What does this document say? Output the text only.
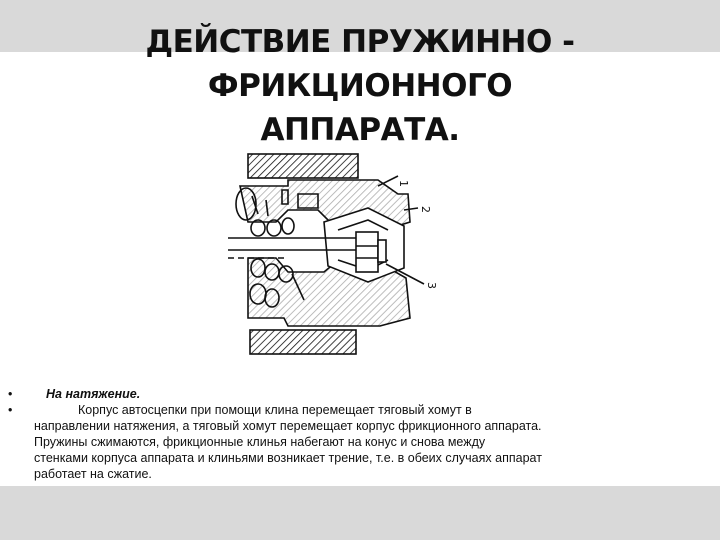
ДЕЙСТВИЕ ПРУЖИННО -
ФРИКЦИОННОГО
АППАРАТА.
1
2
3
• На натяжение.
• Корпус автосцепки при помощи клина перемещает тяговый хомут в
направлении натяжения, а тяговый хомут перемещает корпус фрикционного аппарата.
Пружины сжимаются, фрикционные клинья набегают на конус и снова между
стенками корпуса аппарата и клиньями возникает трение, т.е. в обеих случаях аппарат
работает на сжатие.
